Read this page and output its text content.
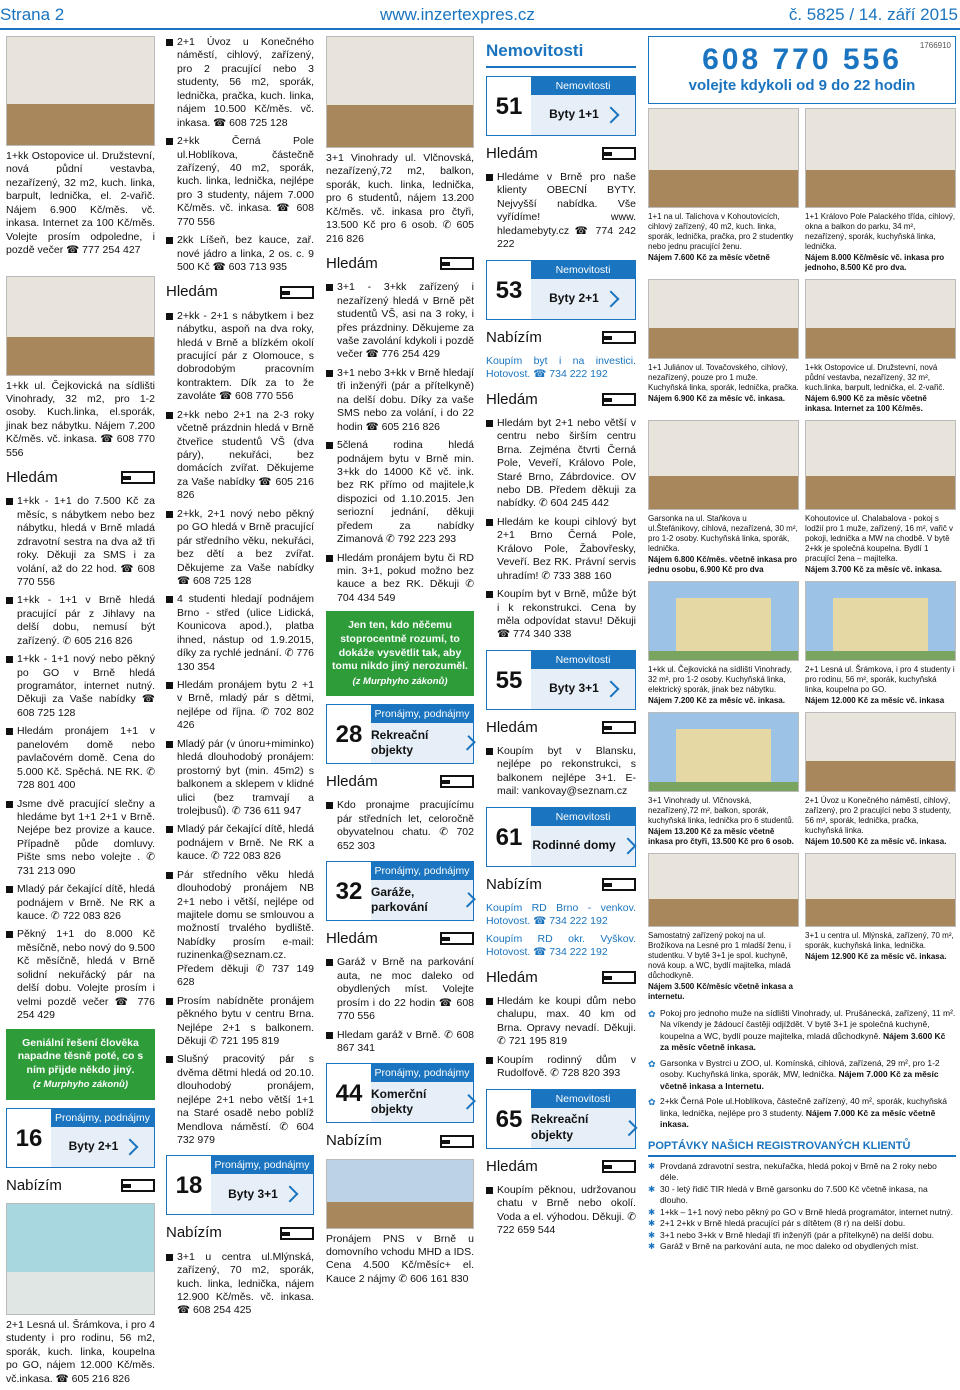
Strana 2	www.inzertexpres.cz	č. 5825 / 14. září 2015
1+kk Ostopovice ul. Družstevní, nová půdní vestavba, nezařízený, 32 m2, kuch. linka, barpult, lednička, el. 2-vařič. Nájem 6.900 Kč/měs. vč. inkasa. Internet za 100 Kč/měs. Volejte prosím odpoledne, i pozdě večer ☎ 777 254 427
1+kk ul. Čejkovická na sídlišti Vinohrady, 32 m2, pro 1-2 osoby. Kuch.linka, el.sporák, jinak bez nábytku. Nájem 7.200 Kč/měs. vč. inkasa. ☎ 608 770 556
Hledám
1+kk - 1+1 do 7.500 Kč za měsíc, s nábytkem nebo bez nábytku, hledá v Brně mladá zdravotní sestra na dva až tři roky. Děkuji za SMS i za volání, až do 22 hod. ☎ 608 770 556
1+kk - 1+1 v Brně hledá pracující pár z Jihlavy na delší dobu, nemusí být zařízený. ✆ 605 216 826
1+kk - 1+1 nový nebo pěkný po GO v Brně hledá programátor, internet nutný. Děkuji za Vaše nabídky ☎ 608 725 128
Hledám pronájem 1+1 v panelovém domě nebo pavlačovém domě. Cena do 5.000 Kč. Spěchá. NE RK. ✆ 728 801 400
Jsme dvě pracující slečny a hledáme byt 1+1 2+1 v Brně. Nejépe bez provize a kauce. Případně půde domluvy. Pište sms nebo volejte . ✆ 731 213 090
Mladý pár čekající dítě, hledá podnájem v Brně. Ne RK a kauce. ✆ 722 083 826
Pěkný 1+1 do 8.000 Kč měsíčně, nebo nový do 9.500 Kč měsíčně, hledá v Brně solidní nekuřácký pár na delší dobu. Volejte prosím i velmi pozdě večer ☎ 776 254 429
Geniální řešení člověka napadne těsně poté, co s ním přijde někdo jiný.
(z Murphyho zákonů)
16
Pronájmy, podnájmy
Byty 2+1
Nabízím
2+1 Lesná ul. Šrámkova, i pro 4 studenty i pro rodinu, 56 m2, sporák, kuch. linka, koupelna po GO, nájem 12.000 Kč/měs. vč.inkasa. ☎ 605 216 826
2+1 Úvoz u Konečného náměstí, cihlový, zařízený, pro 2 pracující nebo 3 studenty, 56 m2, sporák, lednička, pračka, kuch. linka, nájem 10.500 Kč/měs. vč. inkasa. ☎ 608 725 128
2+kk Černá Pole ul.Hoblíkova, částečně zařízený, 40 m2, sporák, kuch. linka, lednička, nejlépe pro 3 studenty, nájem 7.000 Kč/měs. vč. inkasa. ☎ 608 770 556
2kk Líšeň, bez kauce, zař. nové jádro a linka, 2 os. c. 9 500 Kč ☎ 603 713 935
Hledám
2+kk - 2+1 s nábytkem i bez nábytku, aspoň na dva roky, hledá v Brně a blízkém okolí pracující pár z Olomouce, s dobrodobým pracovním kontraktem. Dík za to že zavoláte ☎ 608 770 556
2+kk nebo 2+1 na 2-3 roky včetně prázdnin hledá v Brně čtveřice studentů VŠ (dva páry), nekuřáci, bez domácích zvířat. Děkujeme za Vaše nabídky ☎ 605 216 826
2+kk, 2+1 nový nebo pěkný po GO hledá v Brně pracující pár středního věku, nekuřáci, bez dětí a bez zvířat. Děkujeme za Vaše nabídky ☎ 608 725 128
4 studenti hledají podnájem Brno - střed (ulice Lidická, Kounicova apod.), platba ihned, nástup od 1.9.2015, díky za rychlé jednání. ✆ 776 130 354
Hledám pronájem bytu 2 +1 v Brně, mladý pár s dětmi, nejlépe od října. ✆ 702 802 426
Mladý pár (v únoru+miminko) hledá dlouhodobý pronájem: prostorný byt (min. 45m2) s balkonem a sklepem v klidné ulici (bez tramvají a trolejbusů). ✆ 736 611 947
Mladý pár čekající dítě, hledá podnájem v Brně. Ne RK a kauce. ✆ 722 083 826
Pár středního věku hledá dlouhodobý pronájem NB 2+1 nebo i větší, nejlépe od majitele domu se smlouvou a možností trvalého bydliště. Nabídky prosím e-mail: ruzinenka@seznam.cz. Předem děkuji ✆ 737 149 628
Prosím nabídněte pronájem pěkného bytu v centru Brna. Nejlépe 2+1 s balkonem. Děkuji ✆ 721 195 819
Slušný pracovitý pár s dvěma dětmi hledá od 20.10. dlouhodobý pronájem, nejlépe 2+1 nebo větší 1+1 na Staré osadě nebo poblíž Mendlova náměstí. ✆ 604 732 979
18
Pronájmy, podnájmy
Byty 3+1
Nabízím
3+1 u centra ul.Mlýnská, zařízený, 70 m2, sporák, kuch. linka, lednička, nájem 12.900 Kč/měs. vč. inkasa. ☎ 608 254 425
3+1 Vinohrady ul. Vlčnovská, nezařízený,72 m2, balkon, sporák, kuch. linka, lednička, pro 6 studentů, nájem 13.200 Kč/měs. vč. inkasa pro čtyři, 13.500 Kč pro 6 osob. ✆ 605 216 826
Hledám
3+1 - 3+kk zařízený i nezařízený hledá v Brně pět studentů VŠ, asi na 3 roky, i přes prázdniny. Děkujeme za vaše zavolání kdykoli i pozdě večer ☎ 776 254 429
3+1 nebo 3+kk v Brně hledají tři inženýři (pár a přítelkyně) na delší dobu. Díky za vaše SMS nebo za volání, i do 22 hodin ☎ 605 216 826
5člená rodina hledá podnájem bytu v Brně min. 3+kk do 14000 Kč vč. ink. bez RK přímo od majitele,k dispozici od 1.10.2015. Jen seriozní jednání, děkuji předem za nabídky Zimanová ✆ 792 223 293
Hledám pronájem bytu či RD min. 3+1, pokud možno bez kauce a bez RK. Děkuji ✆ 704 434 549
Jen ten, kdo něčemu stoprocentně rozumí, to dokáže vysvětlit tak, aby tomu nikdo jiný nerozuměl.
(z Murphyho zákonů)
28
Pronájmy, podnájmy
Rekreační objekty
Hledám
Kdo pronajme pracujícímu pár středních let, celoročně obyvatelnou chatu. ✆ 702 652 303
32
Pronájmy, podnájmy
Garáže, parkování
Hledám
Garáž v Brně na parkování auta, ne moc daleko od obydlených míst. Volejte prosím i do 22 hodin ☎ 608 770 556
Hledam garáž v Brně. ✆ 608 867 341
44
Pronájmy, podnájmy
Komerční objekty
Nabízím
Pronájem PNS v Brně u domovního vchodu MHD a IDS. Cena 4.500 Kč/měsíc+ el. Kauce 2 nájmy ✆ 606 161 830
Nemovitosti
51
Nemovitosti
Byty 1+1
Hledám
Hledáme v Brně pro naše klienty OBECNÍ BYTY. Nejvyšší nabídka. Vše vyřídíme! www. hledamebyty.cz ☎ 774 242 222
53
Nemovitosti
Byty 2+1
Nabízím
Koupím byt i na investici. Hotovost. ☎ 734 222 192
Hledám
Hledám byt 2+1 nebo větší v centru nebo širším centru Brna. Zejména čtvrti Černá Pole, Veveří, Královo Pole, Staré Brno, Zábrdovice. OV nebo DB. Předem děkuji za nabídky. ✆ 604 245 442
Hledám ke koupi cihlový byt 2+1 Brno Černá Pole, Královo Pole, Žabovřesky, Veveří. Bez RK. Právní servis uhradím! ✆ 733 388 160
Koupím byt v Brně, může být i k rekonstrukci. Cena by měla odpovídat stavu! Děkuji ☎ 774 340 338
55
Nemovitosti
Byty 3+1
Hledám
Koupím byt v Blansku, nejlépe po rekonstrukci, s balkonem nejlépe 3+1. E-mail: vankovay@seznam.cz
61
Nemovitosti
Rodinné domy
Nabízím
Koupím RD Brno - venkov. Hotovost. ☎ 734 222 192
Koupím RD okr. Vyškov. Hotovost. ☎ 734 222 192
Hledám
Hledám ke koupi dům nebo chalupu, max. 40 km od Brna. Opravy nevadí. Děkuji. ✆ 721 195 819
Koupím rodinný dům v Rudolfově. ✆ 728 820 393
65
Nemovitosti
Rekreační objekty
Hledám
Koupím pěknou, udržovanou chatu v Brně nebo okolí. Voda a el. výhodou. Děkuji. ✆ 722 659 544
1766910
608 770 556
volejte kdykoli od 9 do 22 hodin
1+1 na ul. Talichova v Kohoutovicích, cihlový zařízený, 40 m2, kuch. linka, sporák, lednička, pračka, pro 2 studentky nebo jednu pracující ženu.
Nájem 7.600 Kč za měsíc včetně
1+1 Královo Pole Palackého třída, cihlový, okna a balkon do parku, 34 m², nezařízený, sporák, kuchyňská linka, lednička.
Nájem 8.000 Kč/měsíc vč. inkasa pro jednoho, 8.500 Kč pro dva.
1+1 Juliánov ul. Tovačovského, cihlový, nezařízený, pouze pro 1 muže. Kuchyňská linka, sporák, lednička, pračka.
Nájem 6.900 Kč za měsíc vč. inkasa.
1+kk Ostopovice ul. Družstevní, nová půdní vestavba, nezařízený, 32 m², kuch.linka, barpult, lednička, el. 2-vařič.
Nájem 6.900 Kč za měsíc včetně inkasa. Internet za 100 Kč/měs.
Garsonka na ul. Staňkova u ul.Štefánikovy, cihlová, nezařízená, 30 m², pro 1-2 osoby. Kuchyňská linka, sporák, lednička.
Nájem 6.800 Kč/měs. včetně inkasa pro jednu osobu, 6.900 Kč pro dva
Kohoutovice ul. Chalabalova - pokoj s lodžií pro 1 muže, zařízený, 16 m², vařič v pokoji, lednička a MW na chodbě. V bytě 2+kk je společná koupelna. Bydlí 1 pracující žena – majitelka.
Nájem 3.700 Kč za měsíc vč. inkasa.
1+kk ul. Čejkovická na sídlišti Vinohrady, 32 m², pro 1-2 osoby. Kuchyňská linka, elektrický sporák, jinak bez nábytku.
Nájem 7.200 Kč za měsíc vč. inkasa.
2+1 Lesná ul. Šrámkova, i pro 4 studenty i pro rodinu, 56 m², sporák, kuchyňská linka, koupelna po GO.
Nájem 12.000 Kč za měsíc vč. inkasa
3+1 Vinohrady ul. Vlčnovská, nezařízený,72 m², balkon, sporák, kuchyňská linka, lednička pro 6 studentů.
Nájem 13.200 Kč za měsíc včetně inkasa pro čtyři, 13.500 Kč pro 6 osob.
2+1 Úvoz u Konečného náměstí, cihlový, zařízený, pro 2 pracující nebo 3 studenty, 56 m², sporák, lednička, pračka, kuchyňská linka.
Nájem 10.500 Kč za měsíc vč. inkasa.
Samostatný zařízený pokoj na ul. Brožíkova na Lesné pro 1 mladší ženu, i studentku. V bytě 3+1 je spol. kuchyně, nová koup. a WC, bydlí majitelka, mladá důchodkyně.
Nájem 3.500 Kč/měsíc včetně inkasa a internetu.
3+1 u centra ul. Mlýnská, zařízený, 70 m², sporák, kuchyňská linka, lednička.
Nájem 12.900 Kč za měsíc vč. inkasa.
✿ Pokoj pro jednoho muže na sídlišti Vinohrady, ul. Prušánecká, zařízený, 11 m². Na víkendy je žádoucí častěji odjíždět. V bytě 3+1 je společná kuchyně, koupelna a WC, bydlí pouze majitelka, mladá důchodkyně. Nájem 3.600 Kč za měsíc včetně inkasa.
✿ Garsonka v Bystrci u ZOO, ul. Komínská, cihlová, zařízená, 29 m², pro 1-2 osoby. Kuchyňská linka, sporák, MW, lednička. Nájem 7.000 Kč za měsíc včetně inkasa a Internetu.
✿ 2+kk Černá Pole ul.Hoblíkova, částečně zařízený, 40 m², sporák, kuchyňská linka, lednička, nejlépe pro 3 studenty. Nájem 7.000 Kč za měsíc včetně inkasa.
POPTÁVKY NAŠICH REGISTROVANÝCH KLIENTŮ
✱ Provdaná zdravotní sestra, nekuřačka, hledá pokoj v Brně na 2 roky nebo déle.
✱ 30 - letý řidič TIR hledá v Brně garsonku do 7.500 Kč včetně inkasa, na dlouho.
✱ 1+kk – 1+1 nový nebo pěkný po GO v Brně hledá programátor, internet nutný.
✱ 2+1 2+kk v Brně hledá pracující pár s dítětem (8 r) na delší dobu.
✱ 3+1 nebo 3+kk v Brně hledají tři inženýři (pár a přítelkyně) na delší dobu.
✱ Garáž v Brně na parkování auta, ne moc daleko od obydlených míst.
